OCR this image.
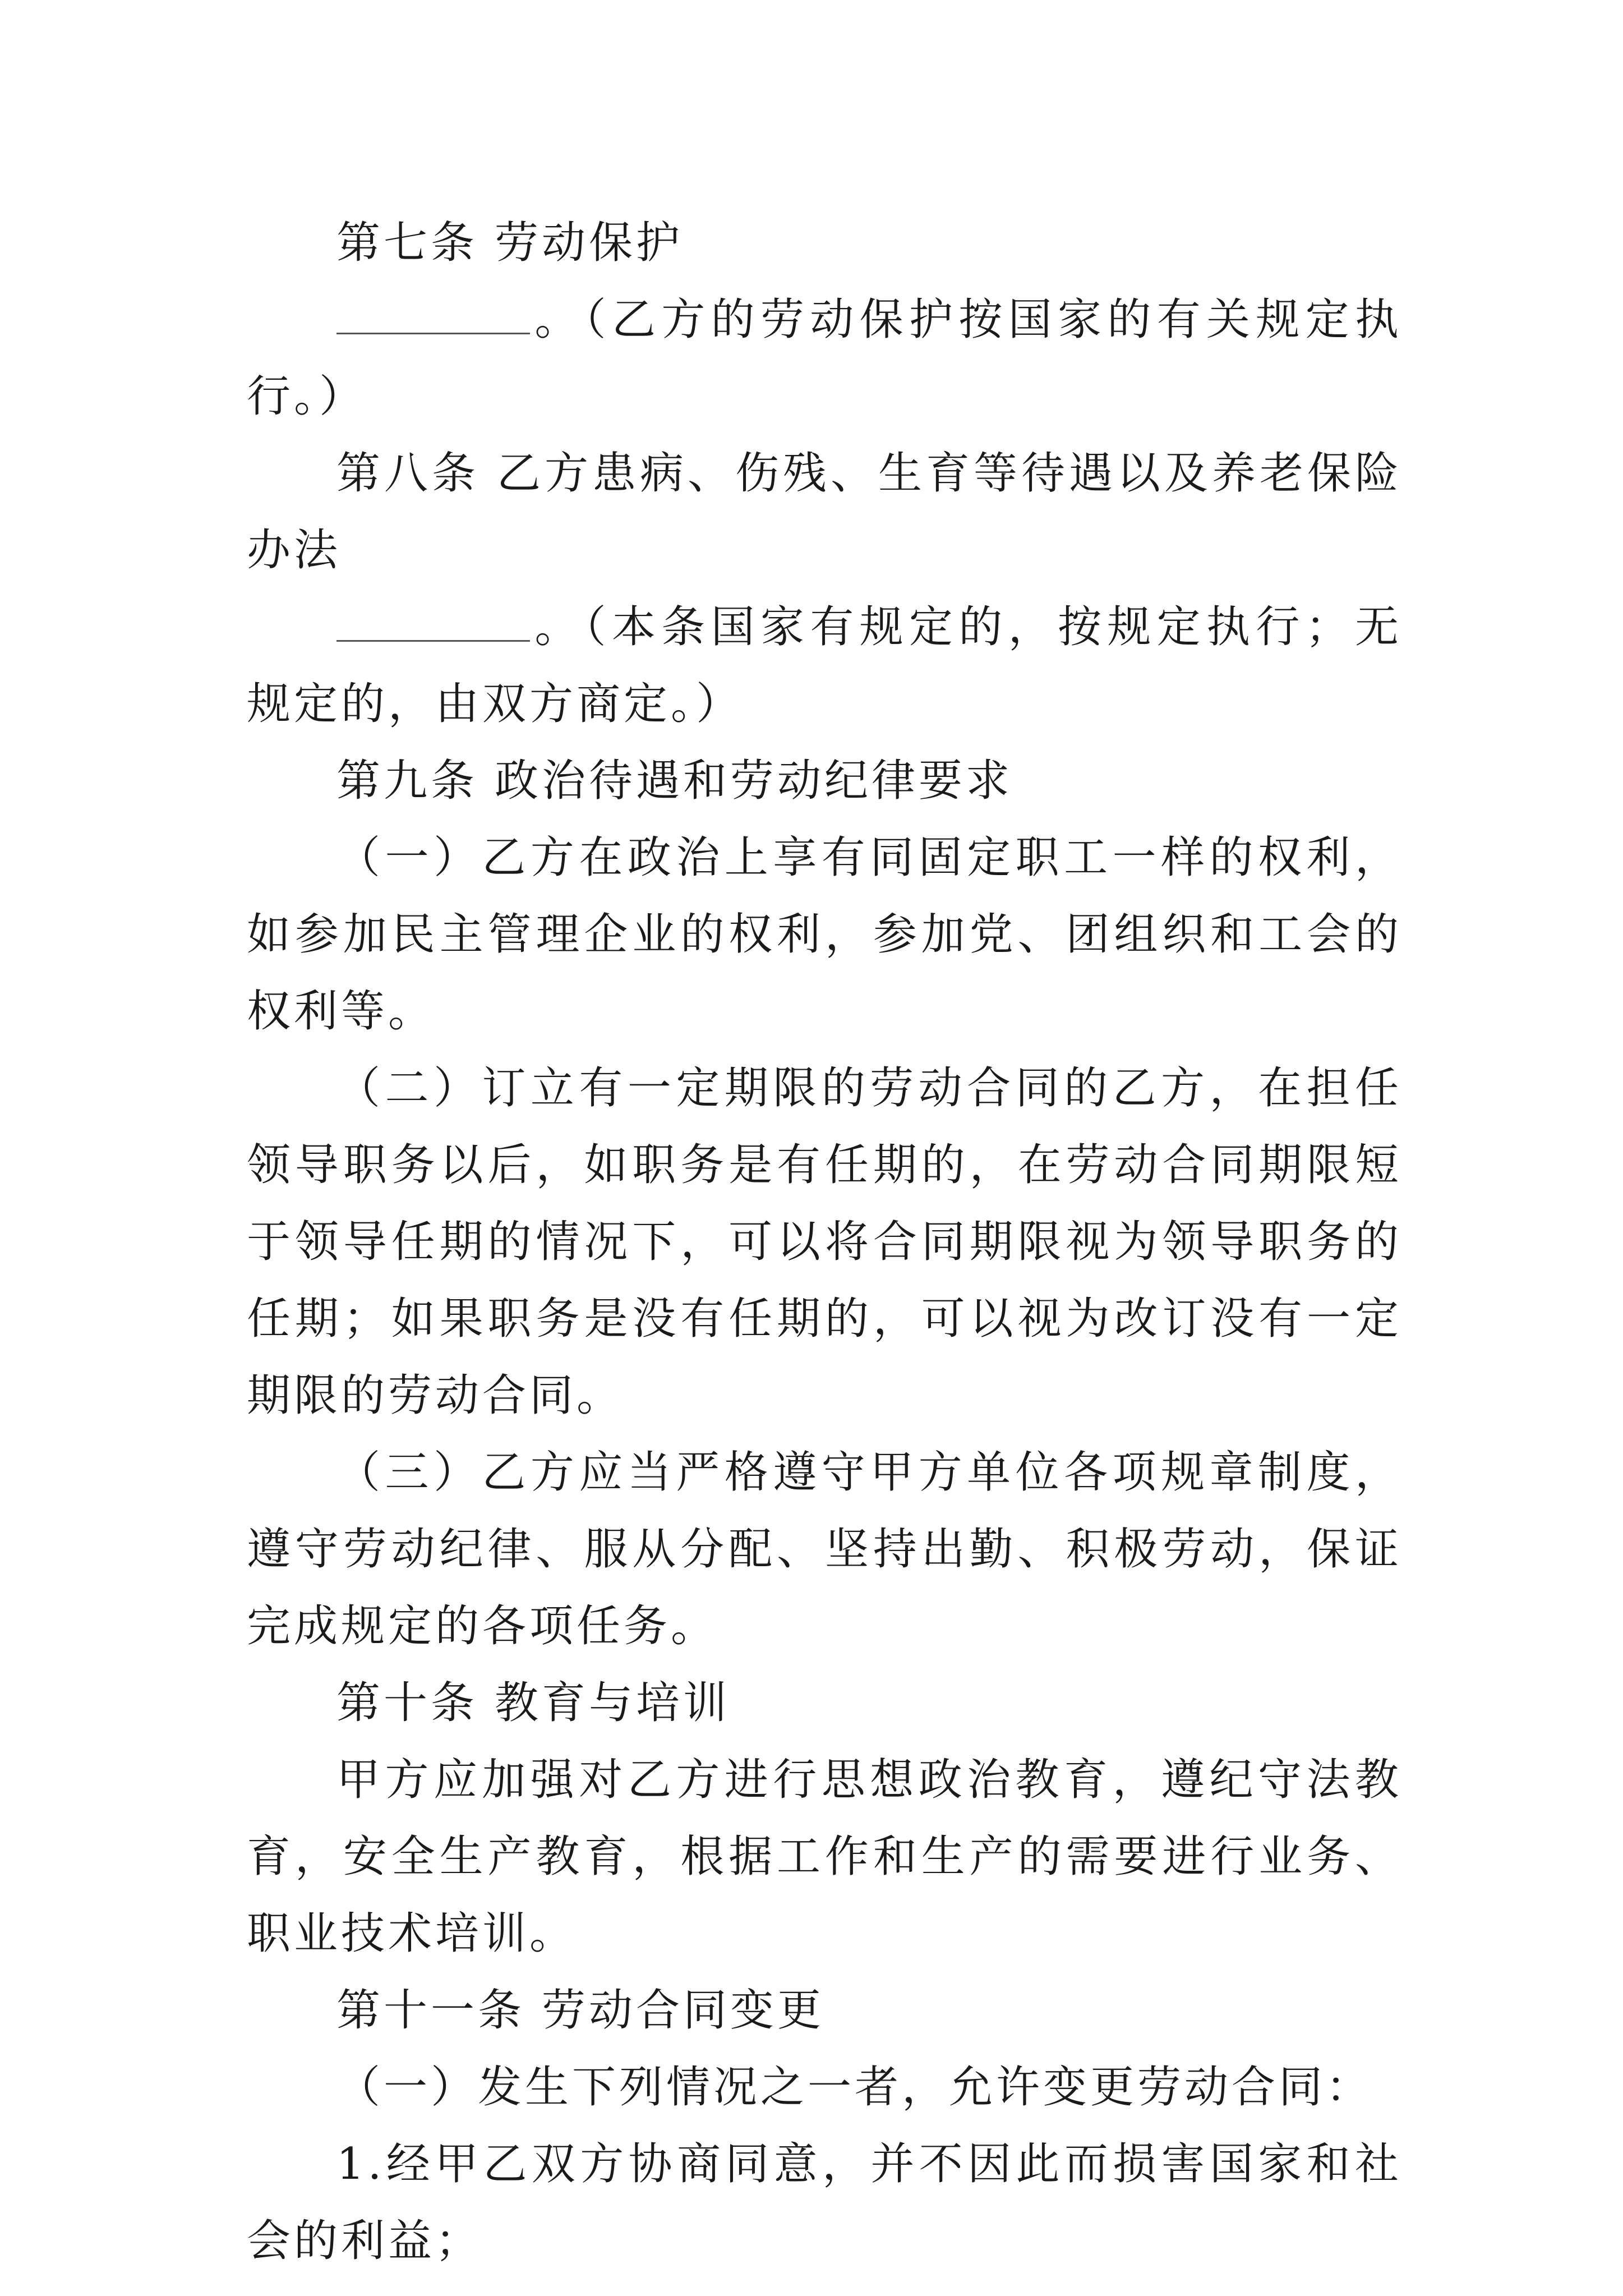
第七条 劳动保护

。（乙方的劳动保护按国家的有关规定执行。）

第八条 乙方患病、伤残、生育等待遇以及养老保险办法

。（本条国家有规定的，按规定执行；无规定的，由双方商定。）

第九条 政治待遇和劳动纪律要求

（一）乙方在政治上享有同固定职工一样的权利，如参加民主管理企业的权利，参加党、团组织和工会的权利等。

（二）订立有一定期限的劳动合同的乙方，在担任领导职务以后，如职务是有任期的，在劳动合同期限短于领导任期的情况下，可以将合同期限视为领导职务的任期；如果职务是没有任期的，可以视为改订没有一定期限的劳动合同。

（三）乙方应当严格遵守甲方单位各项规章制度，遵守劳动纪律、服从分配、坚持出勤、积极劳动，保证完成规定的各项任务。

第十条 教育与培训

甲方应加强对乙方进行思想政治教育，遵纪守法教育，安全生产教育，根据工作和生产的需要进行业务、职业技术培训。

第十一条 劳动合同变更

（一）发生下列情况之一者，允许变更劳动合同：

1.经甲乙双方协商同意，并不因此而损害国家和社会的利益；
